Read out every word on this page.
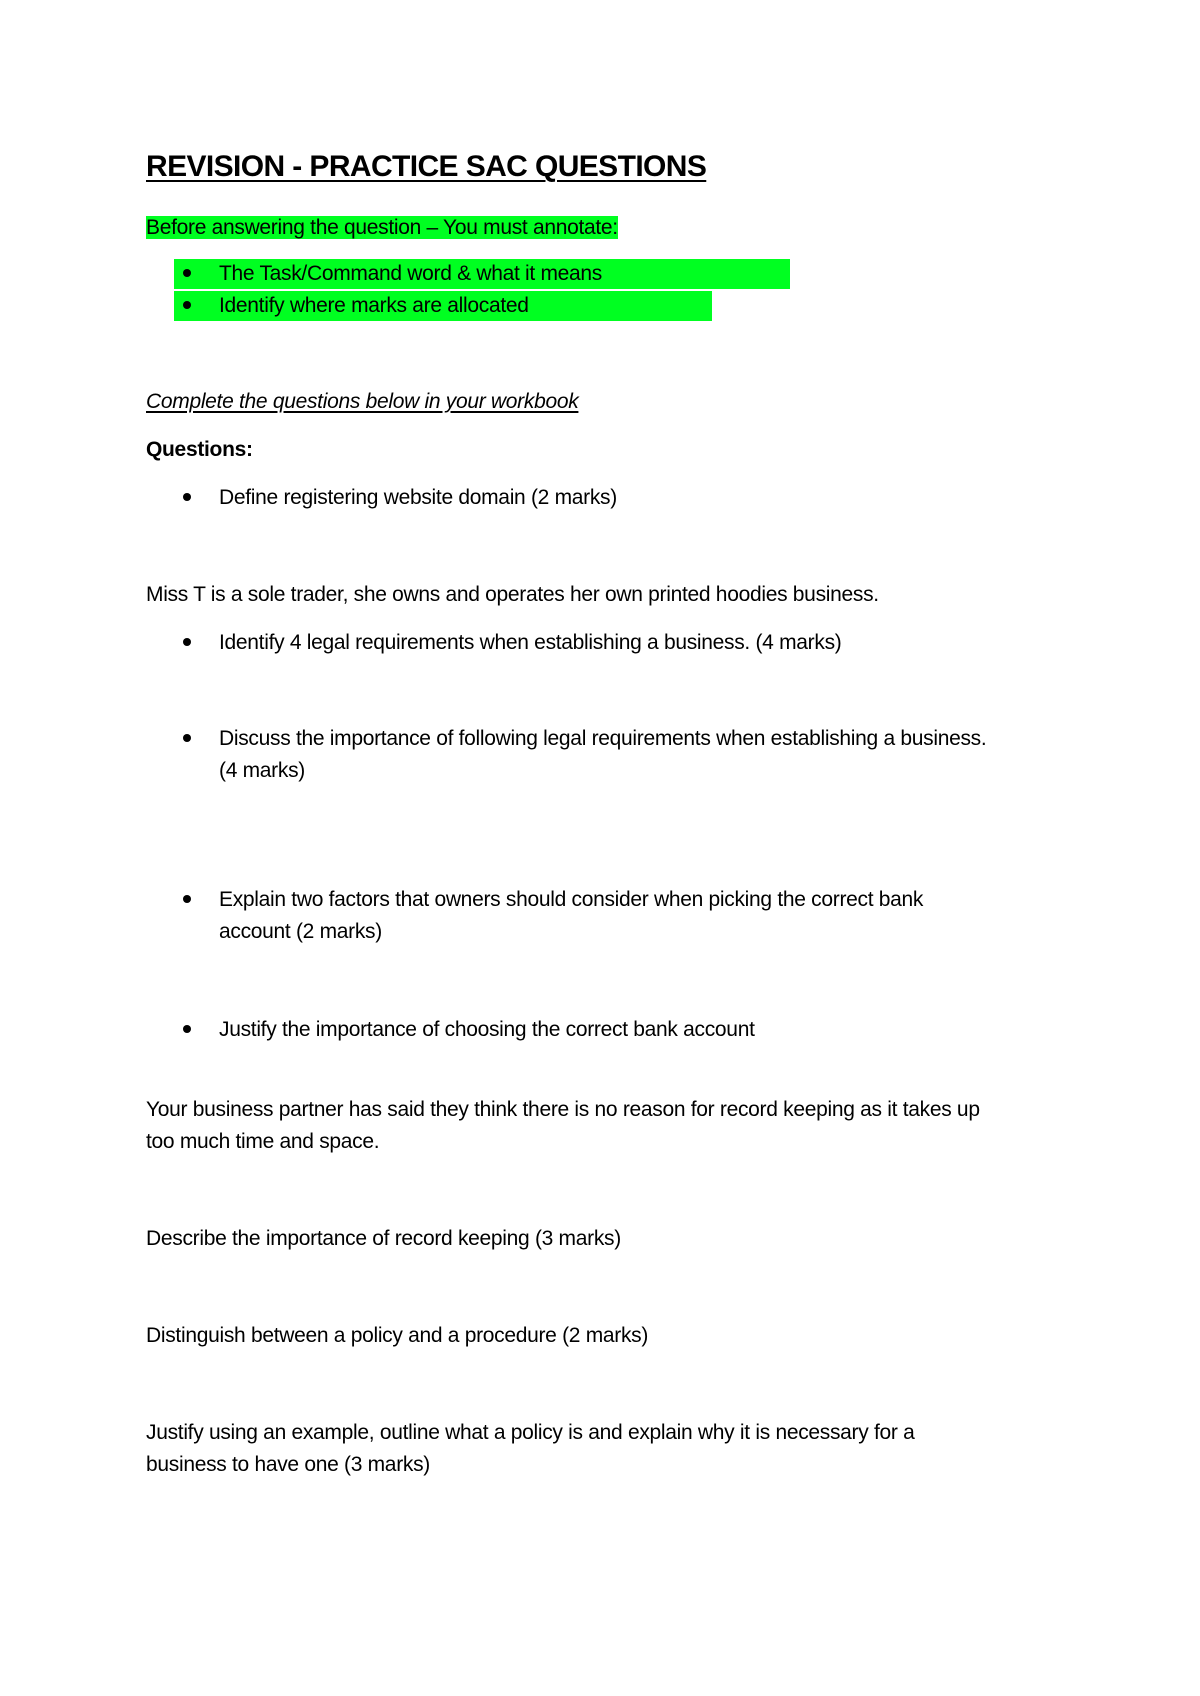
REVISION - PRACTICE SAC QUESTIONS
Before answering the question – You must annotate:
The Task/Command word & what it means
Identify where marks are allocated
Complete the questions below in your workbook
Questions:
Define registering website domain (2 marks)
Miss T is a sole trader, she owns and operates her own printed hoodies business.
Identify 4 legal requirements when establishing a business. (4 marks)
Discuss the importance of following legal requirements when establishing a business.
(4 marks)
Explain two factors that owners should consider when picking the correct bank
account (2 marks)
Justify the importance of choosing the correct bank account
Your business partner has said they think there is no reason for record keeping as it takes up
too much time and space.
Describe the importance of record keeping (3 marks)
Distinguish between a policy and a procedure (2 marks)
Justify using an example, outline what a policy is and explain why it is necessary for a
business to have one (3 marks)
